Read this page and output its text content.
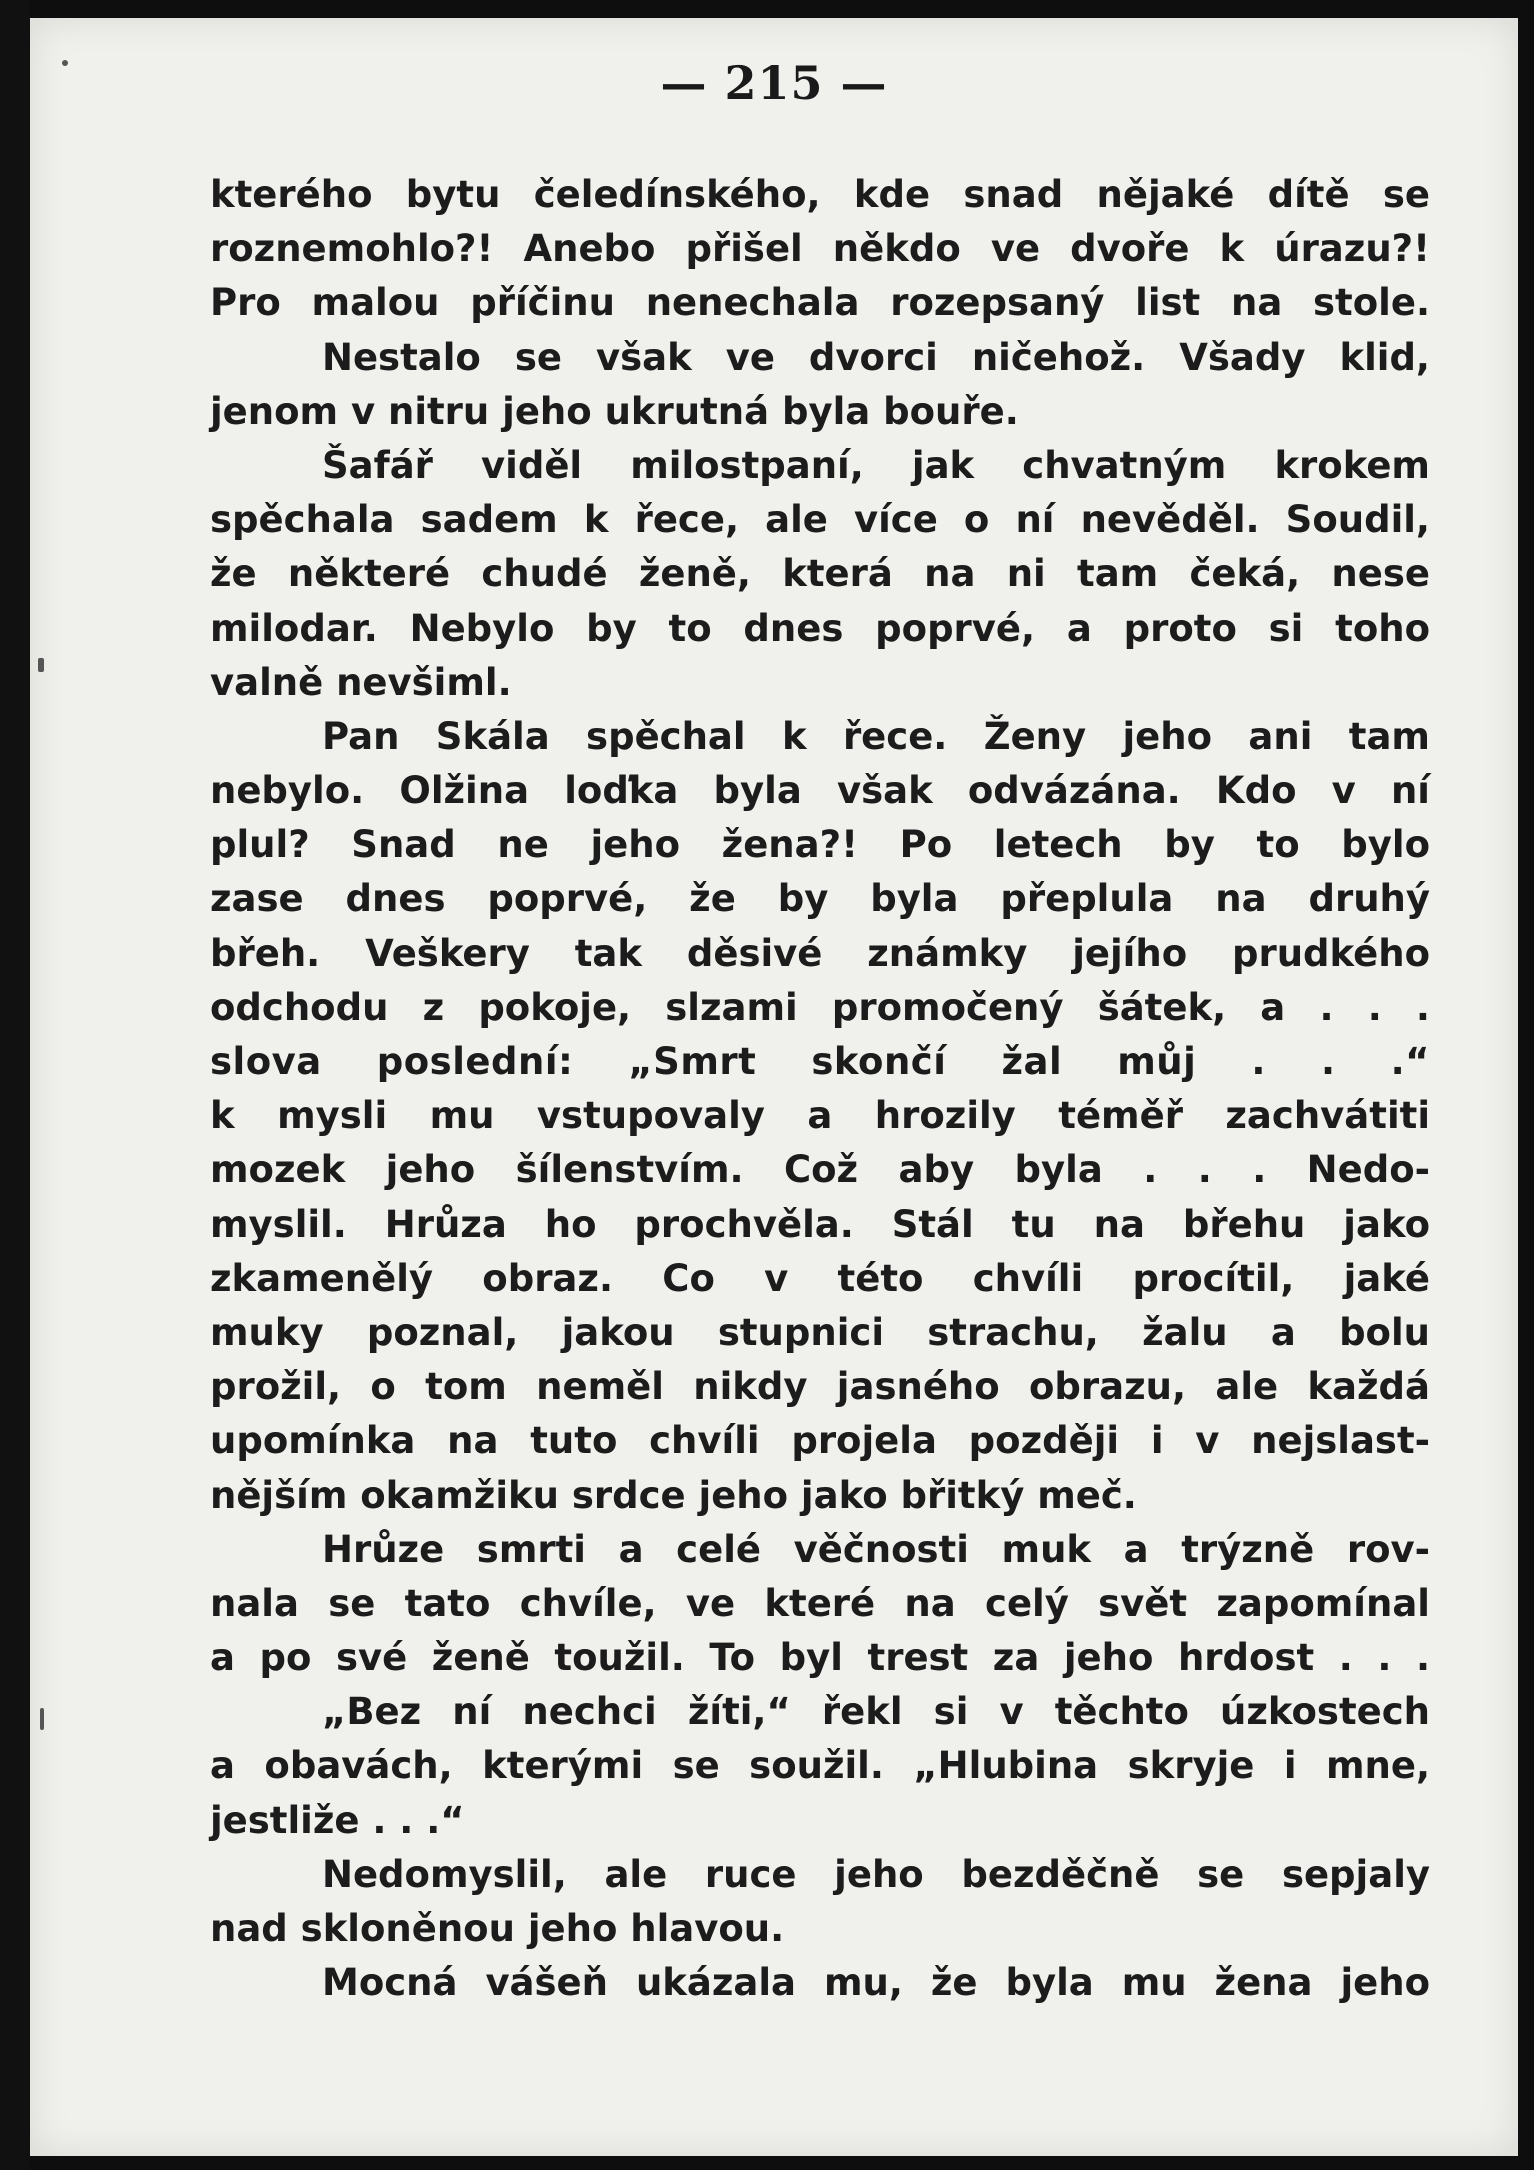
— 215 —
kterého bytu čeledínského, kde snad nějaké dítě se
roznemohlo?! Anebo přišel někdo ve dvoře k úrazu?!
Pro malou příčinu nenechala rozepsaný list na stole.
Nestalo se však ve dvorci ničehož. Všady klid,
jenom v nitru jeho ukrutná byla bouře.
Šafář viděl milostpaní, jak chvatným krokem
spěchala sadem k řece, ale více o ní nevěděl. Soudil,
že některé chudé ženě, která na ni tam čeká, nese
milodar. Nebylo by to dnes poprvé, a proto si toho
valně nevšiml.
Pan Skála spěchal k řece. Ženy jeho ani tam
nebylo. Olžina loďka byla však odvázána. Kdo v ní
plul? Snad ne jeho žena?! Po letech by to bylo
zase dnes poprvé, že by byla přeplula na druhý
břeh. Veškery tak děsivé známky jejího prudkého
odchodu z pokoje, slzami promočený šátek, a . . .
slova poslední: „Smrt skončí žal můj . . .“
k mysli mu vstupovaly a hrozily téměř zachvátiti
mozek jeho šílenstvím. Což aby byla . . . Nedo-
myslil. Hrůza ho prochvěla. Stál tu na břehu jako
zkamenělý obraz. Co v této chvíli procítil, jaké
muky poznal, jakou stupnici strachu, žalu a bolu
prožil, o tom neměl nikdy jasného obrazu, ale každá
upomínka na tuto chvíli projela později i v nejslast-
nějším okamžiku srdce jeho jako břitký meč.
Hrůze smrti a celé věčnosti muk a trýzně rov-
nala se tato chvíle, ve které na celý svět zapomínal
a po své ženě toužil. To byl trest za jeho hrdost . . .
„Bez ní nechci žíti,“ řekl si v těchto úzkostech
a obavách, kterými se soužil. „Hlubina skryje i mne,
jestliže . . .“
Nedomyslil, ale ruce jeho bezděčně se sepjaly
nad skloněnou jeho hlavou.
Mocná vášeň ukázala mu, že byla mu žena jeho
